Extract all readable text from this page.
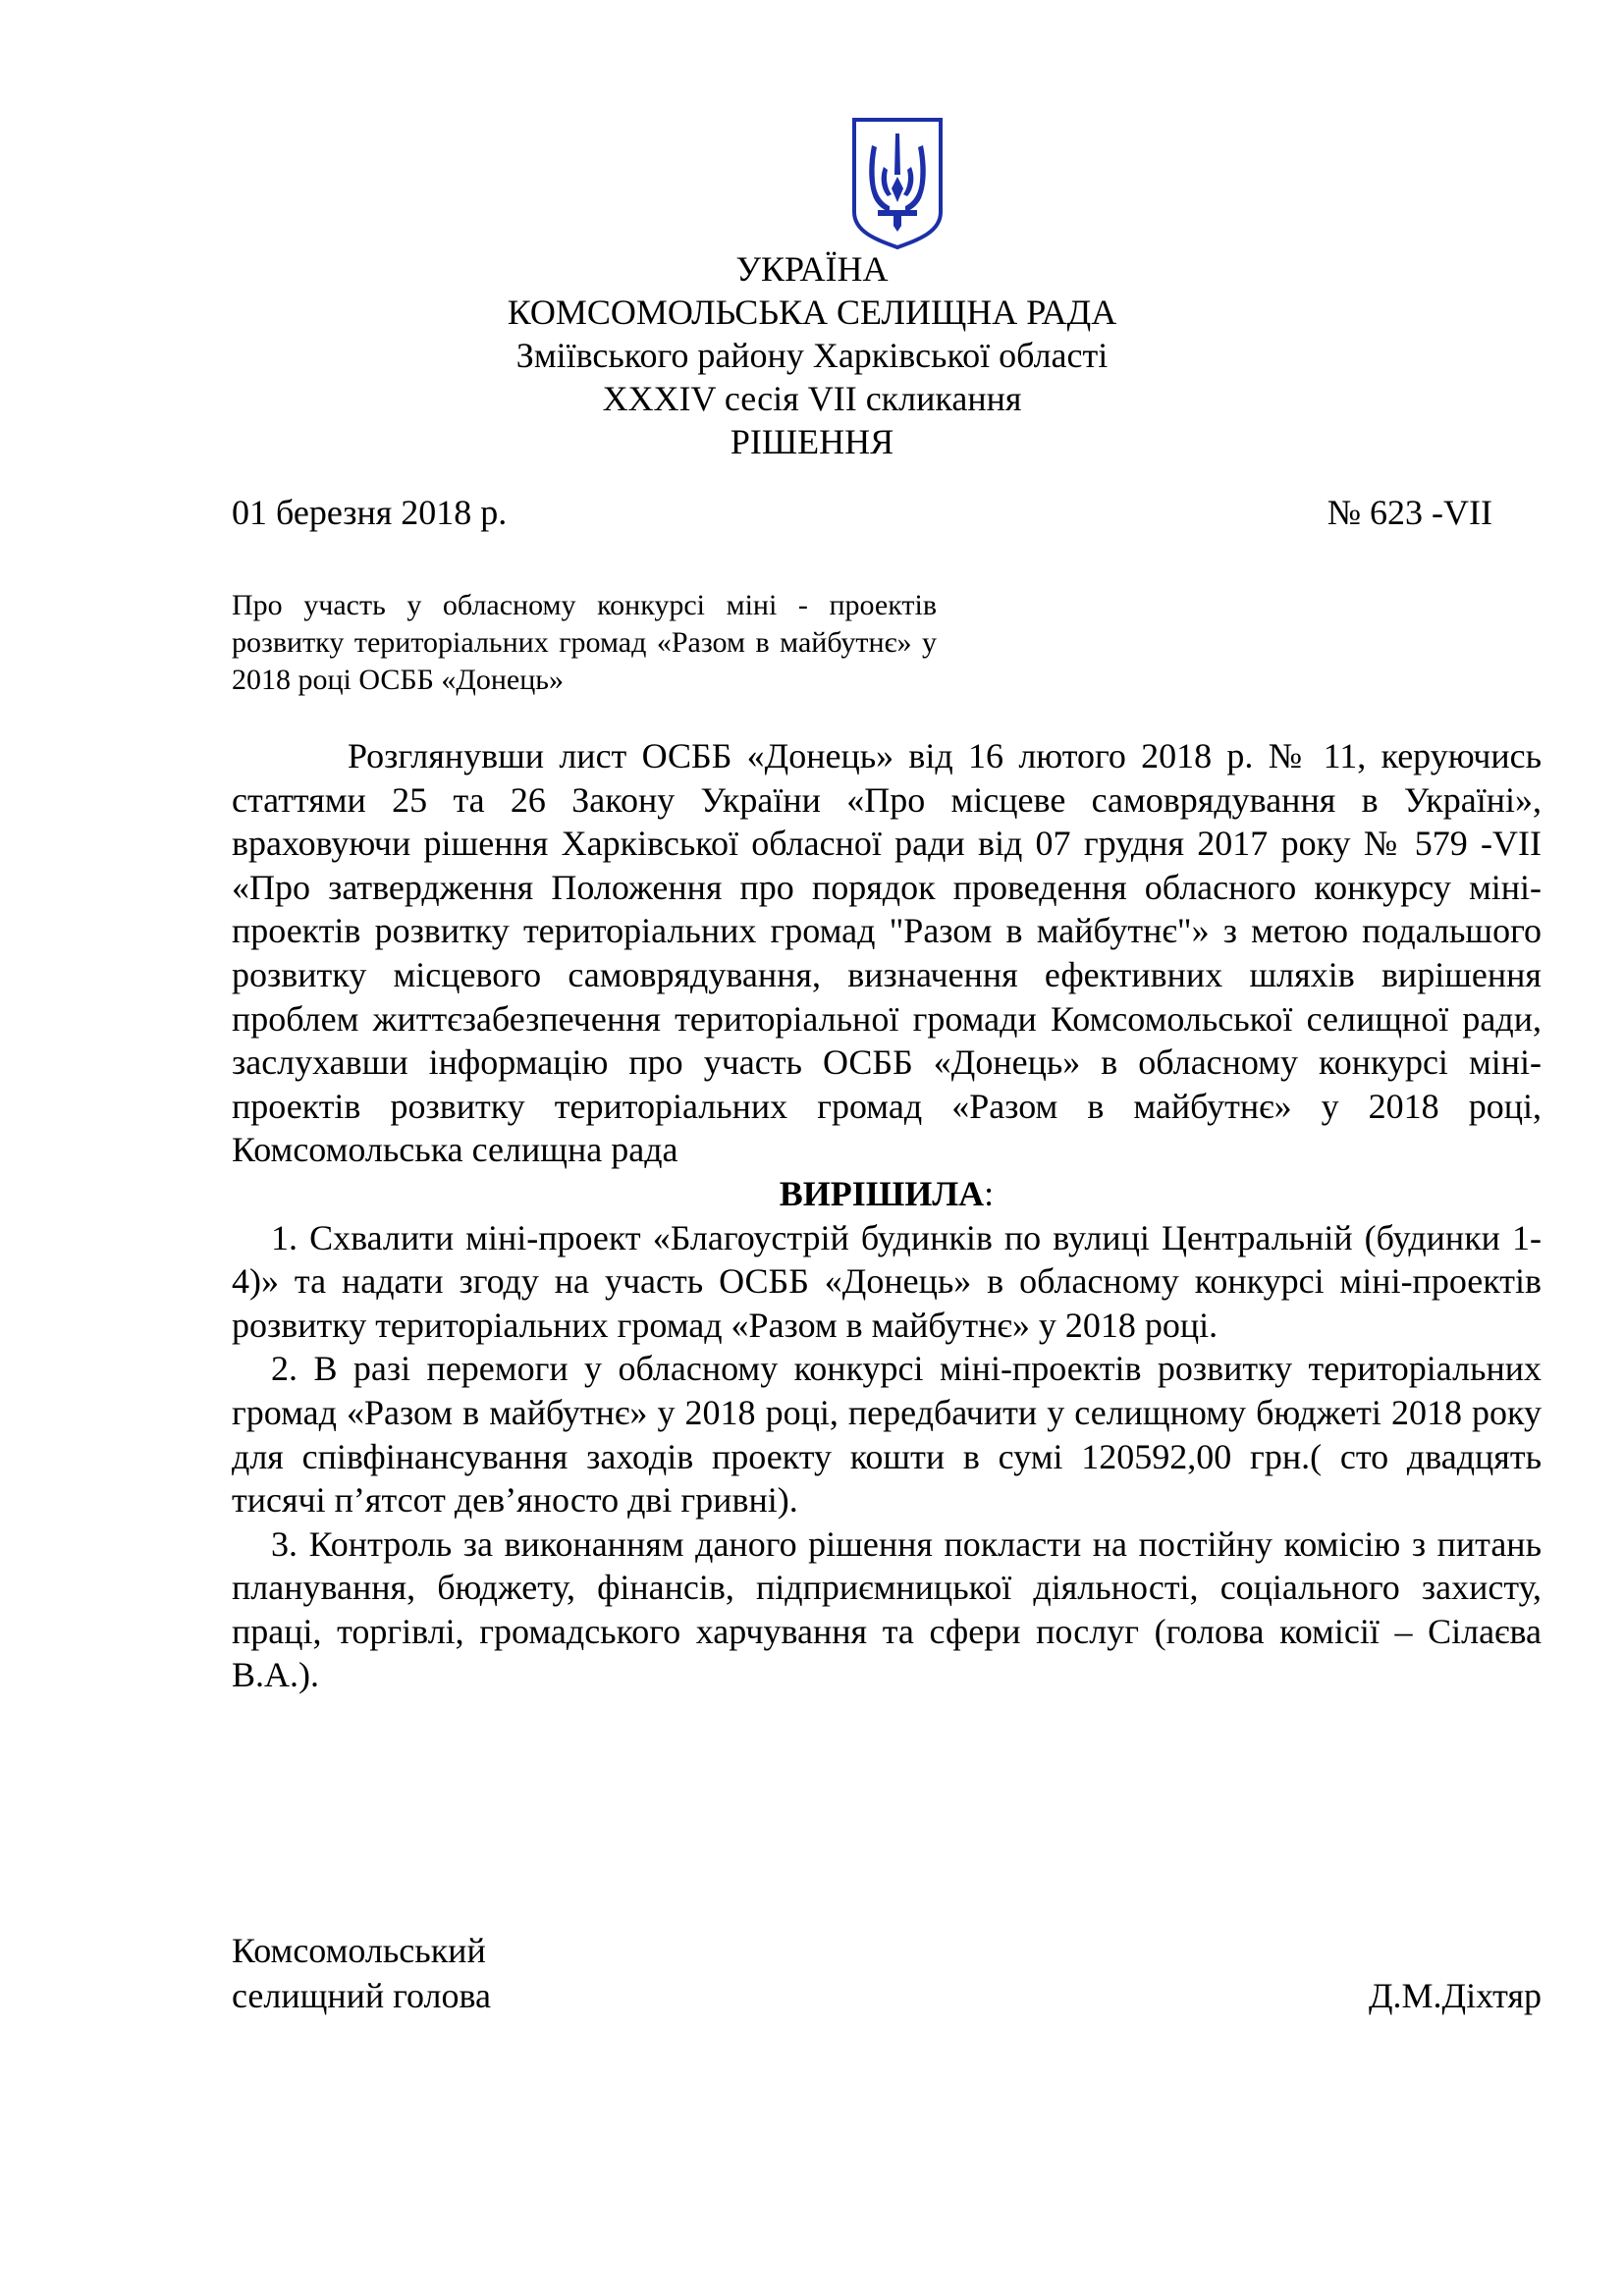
УКРАЇНА
КОМСОМОЛЬСЬКА СЕЛИЩНА РАДА
Зміївського району Харківської області
XXXIV сесія VII скликання
РІШЕННЯ
01 березня 2018 р.	№ 623 -VII
Про участь у обласному конкурсі міні - проектів розвитку територіальних громад «Разом в майбутнє» у 2018 році ОСББ «Донець»

Розглянувши лист ОСББ «Донець» від 16 лютого 2018 р. № 11, керуючись статтями 25 та 26 Закону України «Про місцеве самоврядування в Україні», враховуючи рішення Харківської обласної ради від 07 грудня 2017 року № 579 -VII «Про затвердження Положення про порядок проведення обласного конкурсу міні-проектів розвитку територіальних громад "Разом в майбутнє"» з метою подальшого розвитку місцевого самоврядування, визначення ефективних шляхів вирішення проблем життєзабезпечення територіальної громади Комсомольської селищної ради, заслухавши інформацію про участь ОСББ «Донець» в обласному конкурсі міні-проектів розвитку територіальних громад «Разом в майбутнє» у 2018 році, Комсомольська селищна рада

ВИРІШИЛА:

1. Схвалити міні-проект «Благоустрій будинків по вулиці Центральній (будинки 1-4)» та надати згоду на участь ОСББ «Донець» в обласному конкурсі міні-проектів розвитку територіальних громад «Разом в майбутнє» у 2018 році.

2. В разі перемоги у обласному конкурсі міні-проектів розвитку територіальних громад «Разом в майбутнє» у 2018 році, передбачити у селищному бюджеті 2018 року для співфінансування заходів проекту кошти в сумі 120592,00 грн.( сто двадцять тисячі п’ятсот дев’яносто дві гривні).

3. Контроль за виконанням даного рішення покласти на постійну комісію з питань планування, бюджету, фінансів, підприємницької діяльності, соціального захисту, праці, торгівлі, громадського харчування та сфери послуг (голова комісії – Сілаєва В.А.).

Комсомольський
селищний голова	Д.М.Діхтяр
